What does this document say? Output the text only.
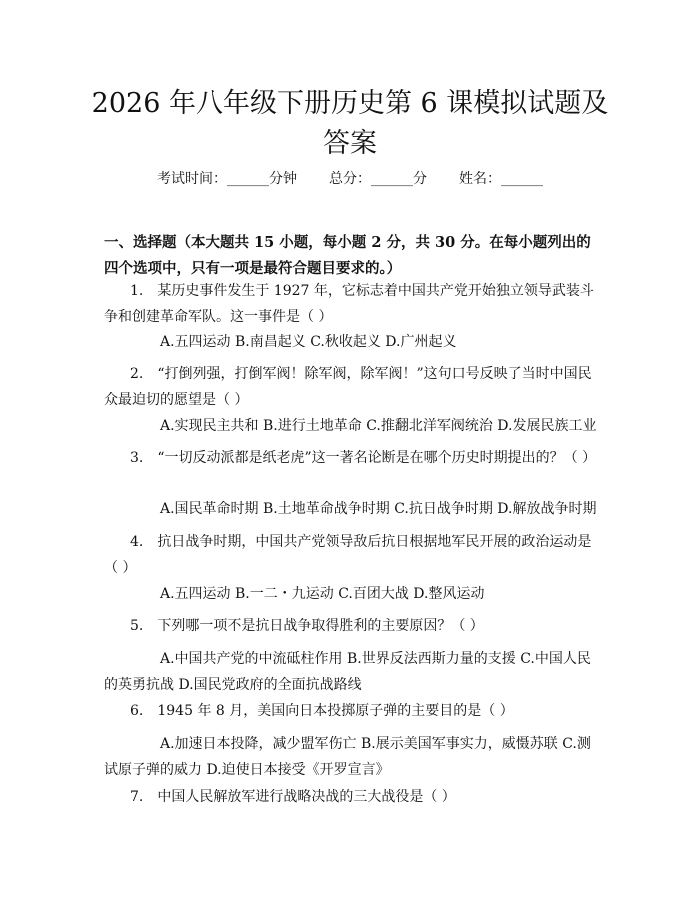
2026 年八年级下册历史第 6 课模拟试题及答案
考试时间：______分钟 总分：______分 姓名：______

一、选择题（本大题共 15 小题，每小题 2 分，共 30 分。在每小题列出的四个选项中，只有一项是最符合题目要求的。）

1. 某历史事件发生于 1927 年，它标志着中国共产党开始独立领导武装斗争和创建革命军队。这一事件是（ ）
A.五四运动 B.南昌起义 C.秋收起义 D.广州起义
2. “打倒列强，打倒军阀！除军阀，除军阀！”这句口号反映了当时中国民众最迫切的愿望是（ ）
A.实现民主共和 B.进行土地革命 C.推翻北洋军阀统治 D.发展民族工业
3. “一切反动派都是纸老虎”这一著名论断是在哪个历史时期提出的？（ ）
A.国民革命时期 B.土地革命战争时期 C.抗日战争时期 D.解放战争时期
4. 抗日战争时期，中国共产党领导敌后抗日根据地军民开展的政治运动是（ ）
A.五四运动 B.一二・九运动 C.百团大战 D.整风运动
5. 下列哪一项不是抗日战争取得胜利的主要原因？（ ）
A.中国共产党的中流砥柱作用 B.世界反法西斯力量的支援 C.中国人民的英勇抗战 D.国民党政府的全面抗战路线
6. 1945 年 8 月，美国向日本投掷原子弹的主要目的是（ ）
A.加速日本投降，减少盟军伤亡 B.展示美国军事实力，威慑苏联 C.测试原子弹的威力 D.迫使日本接受《开罗宣言》
7. 中国人民解放军进行战略决战的三大战役是（ ）
